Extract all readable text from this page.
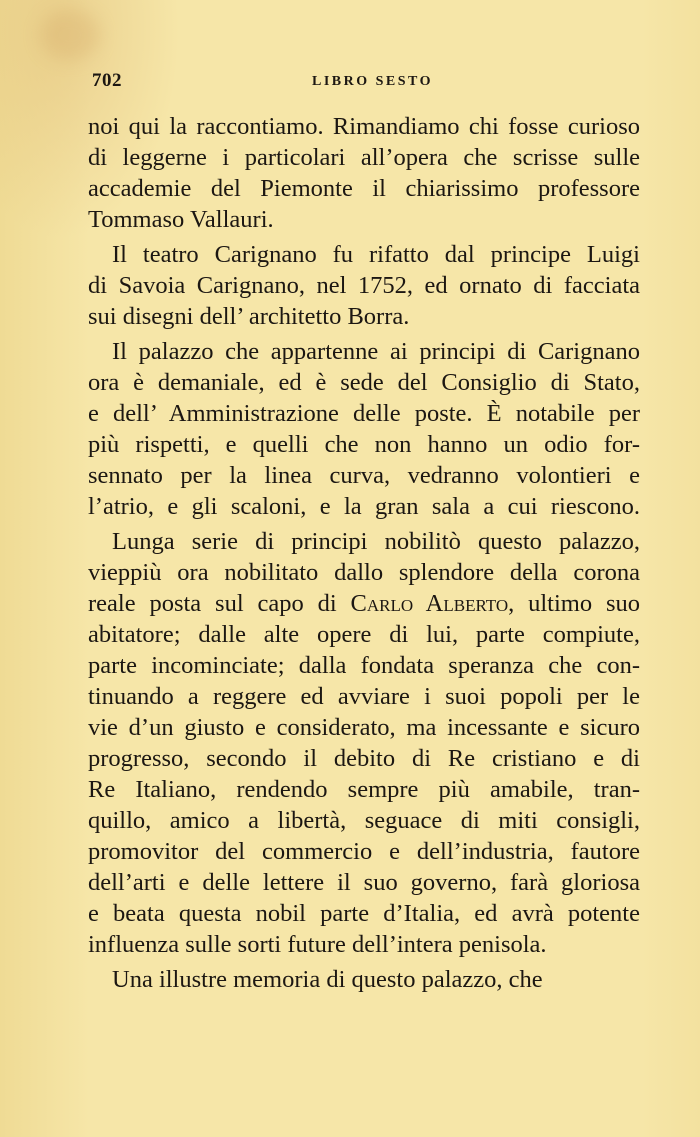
702	LIBRO SESTO
noi qui la raccontiamo. Rimandiamo chi fosse curioso
di leggerne i particolari all’opera che scrisse sulle
accademie del Piemonte il chiarissimo professore
Tommaso Vallauri.
Il teatro Carignano fu rifatto dal principe Luigi
di Savoia Carignano, nel 1752, ed ornato di facciata
sui disegni dell’ architetto Borra.
Il palazzo che appartenne ai principi di Carignano
ora è demaniale, ed è sede del Consiglio di Stato,
e dell’ Amministrazione delle poste. È notabile per
più rispetti, e quelli che non hanno un odio for-
sennato per la linea curva, vedranno volontieri e
l’atrio, e gli scaloni, e la gran sala a cui riescono.
Lunga serie di principi nobilitò questo palazzo,
vieppiù ora nobilitato dallo splendore della corona
reale posta sul capo di Carlo Alberto, ultimo suo
abitatore; dalle alte opere di lui, parte compiute,
parte incominciate; dalla fondata speranza che con-
tinuando a reggere ed avviare i suoi popoli per le
vie d’un giusto e considerato, ma incessante e sicuro
progresso, secondo il debito di Re cristiano e di
Re Italiano, rendendo sempre più amabile, tran-
quillo, amico a libertà, seguace di miti consigli,
promovitor del commercio e dell’industria, fautore
dell’arti e delle lettere il suo governo, farà gloriosa
e beata questa nobil parte d’Italia, ed avrà potente
influenza sulle sorti future dell’intera penisola.
Una illustre memoria di questo palazzo, che
